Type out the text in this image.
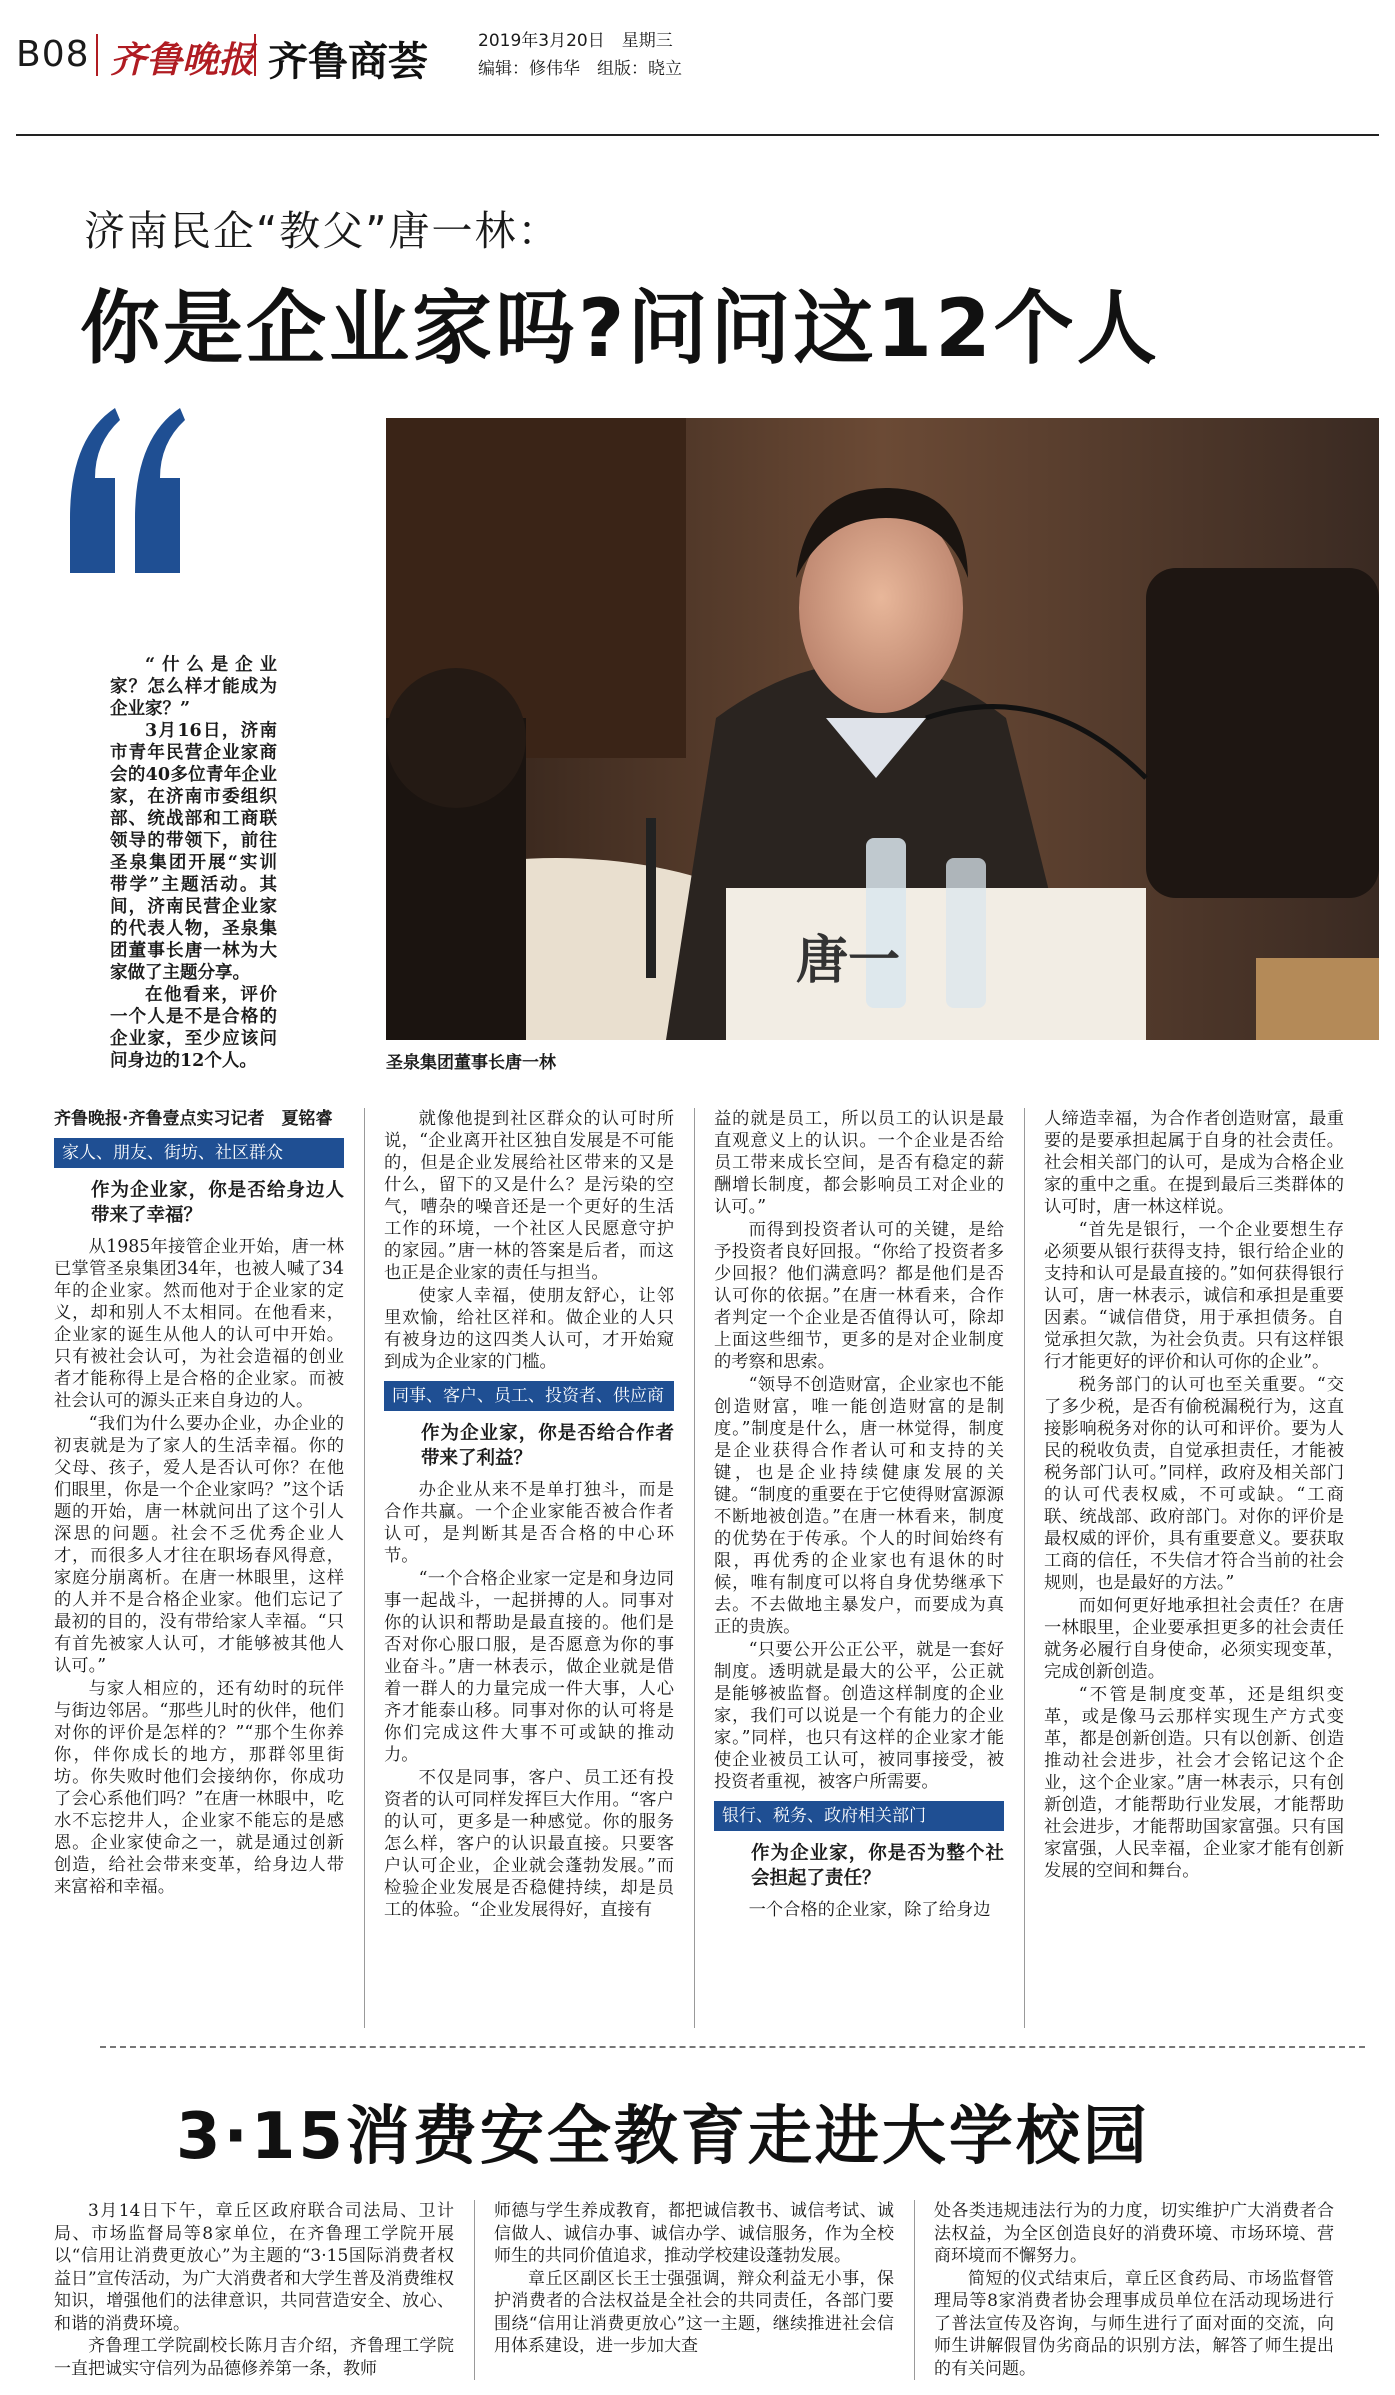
B08 齐鲁晚报 齐鲁商荟	2019年3月20日　星期三
编辑：修伟华　组版：晓立
济南民企“教父”唐一林：
你是企业家吗?问问这12个人

“什么是企业家？怎么样才能成为企业家？”

3月16日，济南市青年民营企业家商会的40多位青年企业家，在济南市委组织部、统战部和工商联领导的带领下，前往圣泉集团开展“实训带学”主题活动。其间，济南民营企业家的代表人物，圣泉集团董事长唐一林为大家做了主题分享。

在他看来，评价一个人是不是合格的企业家，至少应该问问身边的12个人。

唐一
圣泉集团董事长唐一林

齐鲁晚报·齐鲁壹点实习记者　夏铭睿

家人、朋友、街坊、社区群众
作为企业家，你是否给身边人带来了幸福？

从1985年接管企业开始，唐一林已掌管圣泉集团34年，也被人喊了34年的企业家。然而他对于企业家的定义，却和别人不太相同。在他看来，企业家的诞生从他人的认可中开始。只有被社会认可，为社会造福的创业者才能称得上是合格的企业家。而被社会认可的源头正来自身边的人。

“我们为什么要办企业，办企业的初衷就是为了家人的生活幸福。你的父母、孩子，爱人是否认可你？在他们眼里，你是一个企业家吗？”这个话题的开始，唐一林就问出了这个引人深思的问题。社会不乏优秀企业人才，而很多人才往在职场春风得意，家庭分崩离析。在唐一林眼里，这样的人并不是合格企业家。他们忘记了最初的目的，没有带给家人幸福。“只有首先被家人认可，才能够被其他人认可。”

与家人相应的，还有幼时的玩伴与街边邻居。“那些儿时的伙伴，他们对你的评价是怎样的？”“那个生你养你，伴你成长的地方，那群邻里街坊。你失败时他们会接纳你，你成功了会心系他们吗？”在唐一林眼中，吃水不忘挖井人，企业家不能忘的是感恩。企业家使命之一，就是通过创新创造，给社会带来变革，给身边人带来富裕和幸福。

就像他提到社区群众的认可时所说，“企业离开社区独自发展是不可能的，但是企业发展给社区带来的又是什么，留下的又是什么？是污染的空气，嘈杂的噪音还是一个更好的生活工作的环境，一个社区人民愿意守护的家园。”唐一林的答案是后者，而这也正是企业家的责任与担当。

使家人幸福，使朋友舒心，让邻里欢愉，给社区祥和。做企业的人只有被身边的这四类人认可，才开始窥到成为企业家的门槛。

同事、客户、员工、投资者、供应商
作为企业家，你是否给合作者带来了利益？

办企业从来不是单打独斗，而是合作共赢。一个企业家能否被合作者认可，是判断其是否合格的中心环节。

“一个合格企业家一定是和身边同事一起战斗，一起拼搏的人。同事对你的认识和帮助是最直接的。他们是否对你心服口服，是否愿意为你的事业奋斗。”唐一林表示，做企业就是借着一群人的力量完成一件大事，人心齐才能泰山移。同事对你的认可将是你们完成这件大事不可或缺的推动力。

不仅是同事，客户、员工还有投资者的认可同样发挥巨大作用。“客户的认可，更多是一种感觉。你的服务怎么样，客户的认识最直接。只要客户认可企业，企业就会蓬勃发展。”而检验企业发展是否稳健持续，却是员工的体验。“企业发展得好，直接有

益的就是员工，所以员工的认识是最直观意义上的认识。一个企业是否给员工带来成长空间，是否有稳定的薪酬增长制度，都会影响员工对企业的认可。”

而得到投资者认可的关键，是给予投资者良好回报。“你给了投资者多少回报？他们满意吗？都是他们是否认可你的依据。”在唐一林看来，合作者判定一个企业是否值得认可，除却上面这些细节，更多的是对企业制度的考察和思索。

“领导不创造财富，企业家也不能创造财富，唯一能创造财富的是制度。”制度是什么，唐一林觉得，制度是企业获得合作者认可和支持的关键，也是企业持续健康发展的关键。“制度的重要在于它使得财富源源不断地被创造。”在唐一林看来，制度的优势在于传承。个人的时间始终有限，再优秀的企业家也有退休的时候，唯有制度可以将自身优势继承下去。不去做地主暴发户，而要成为真正的贵族。

“只要公开公正公平，就是一套好制度。透明就是最大的公平，公正就是能够被监督。创造这样制度的企业家，我们可以说是一个有能力的企业家。”同样，也只有这样的企业家才能使企业被员工认可，被同事接受，被投资者重视，被客户所需要。

银行、税务、政府相关部门
作为企业家，你是否为整个社会担起了责任？

一个合格的企业家，除了给身边

人缔造幸福，为合作者创造财富，最重要的是要承担起属于自身的社会责任。社会相关部门的认可，是成为合格企业家的重中之重。在提到最后三类群体的认可时，唐一林这样说。

“首先是银行，一个企业要想生存必须要从银行获得支持，银行给企业的支持和认可是最直接的。”如何获得银行认可，唐一林表示，诚信和承担是重要因素。“诚信借贷，用于承担债务。自觉承担欠款，为社会负责。只有这样银行才能更好的评价和认可你的企业”。

税务部门的认可也至关重要。“交了多少税，是否有偷税漏税行为，这直接影响税务对你的认可和评价。要为人民的税收负责，自觉承担责任，才能被税务部门认可。”同样，政府及相关部门的认可代表权威，不可或缺。“工商联、统战部、政府部门。对你的评价是最权威的评价，具有重要意义。要获取工商的信任，不失信才符合当前的社会规则，也是最好的方法。”

而如何更好地承担社会责任？在唐一林眼里，企业要承担更多的社会责任就务必履行自身使命，必须实现变革，完成创新创造。

“不管是制度变革，还是组织变革，或是像马云那样实现生产方式变革，都是创新创造。只有以创新、创造推动社会进步，社会才会铭记这个企业，这个企业家。”唐一林表示，只有创新创造，才能帮助行业发展，才能帮助社会进步，才能帮助国家富强。只有国家富强，人民幸福，企业家才能有创新发展的空间和舞台。

3·15消费安全教育走进大学校园

3月14日下午，章丘区政府联合司法局、卫计局、市场监督局等8家单位，在齐鲁理工学院开展以“信用让消费更放心”为主题的“3·15国际消费者权益日”宣传活动，为广大消费者和大学生普及消费维权知识，增强他们的法律意识，共同营造安全、放心、和谐的消费环境。

齐鲁理工学院副校长陈月吉介绍，齐鲁理工学院一直把诚实守信列为品德修养第一条，教师

师德与学生养成教育，都把诚信教书、诚信考试、诚信做人、诚信办事、诚信办学、诚信服务，作为全校师生的共同价值追求，推动学校建设蓬勃发展。

章丘区副区长王士强强调，辩众利益无小事，保护消费者的合法权益是全社会的共同责任，各部门要围绕“信用让消费更放心”这一主题，继续推进社会信用体系建设，进一步加大查

处各类违规违法行为的力度，切实维护广大消费者合法权益，为全区创造良好的消费环境、市场环境、营商环境而不懈努力。

简短的仪式结束后，章丘区食药局、市场监督管理局等8家消费者协会理事成员单位在活动现场进行了普法宣传及咨询，与师生进行了面对面的交流，向师生讲解假冒伪劣商品的识别方法，解答了师生提出的有关问题。
